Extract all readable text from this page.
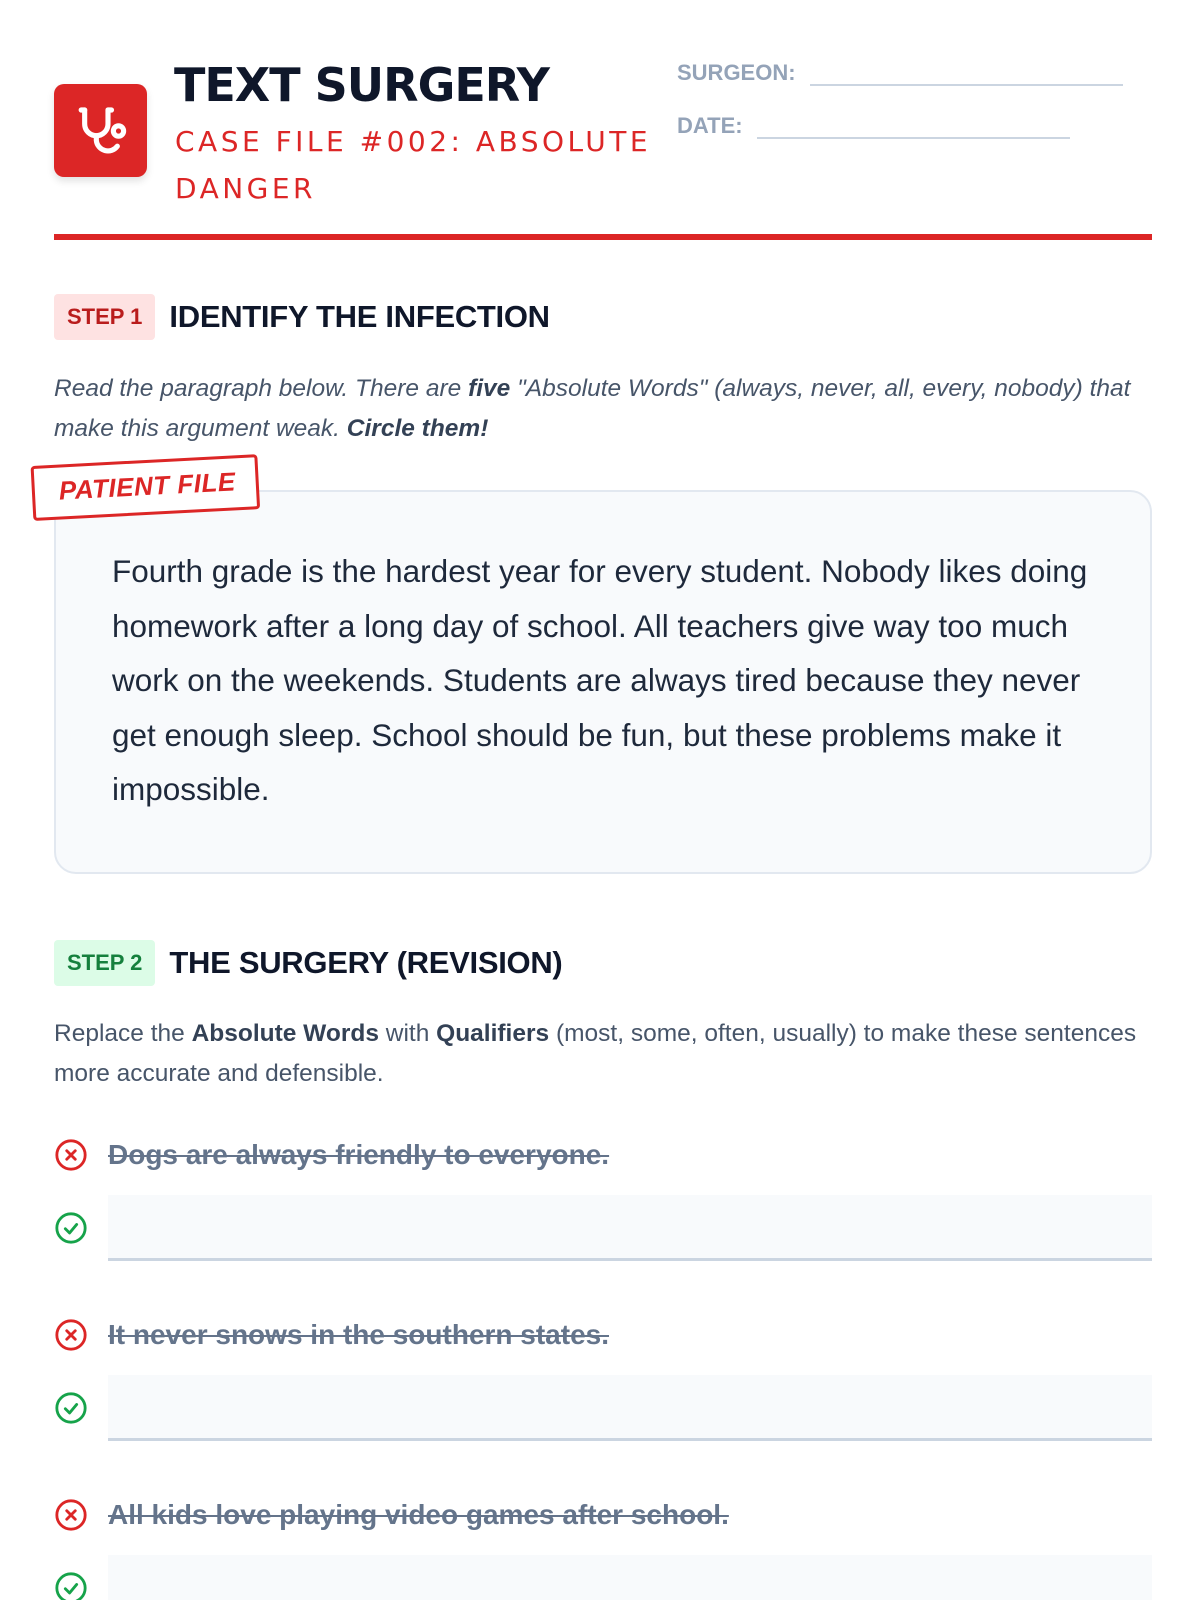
TEXT SURGERY
CASE FILE #002: ABSOLUTE DANGER
SURGEON:
DATE:
STEP 1 IDENTIFY THE INFECTION
Read the paragraph below. There are five "Absolute Words" (always, never, all, every, nobody) that make this argument weak. Circle them!
Fourth grade is the hardest year for every student. Nobody likes doing homework after a long day of school. All teachers give way too much work on the weekends. Students are always tired because they never get enough sleep. School should be fun, but these problems make it impossible.
PATIENT FILE
STEP 2 THE SURGERY (REVISION)
Replace the Absolute Words with Qualifiers (most, some, often, usually) to make these sentences more accurate and defensible.
Dogs are always friendly to everyone.
It never snows in the southern states.
All kids love playing video games after school.
